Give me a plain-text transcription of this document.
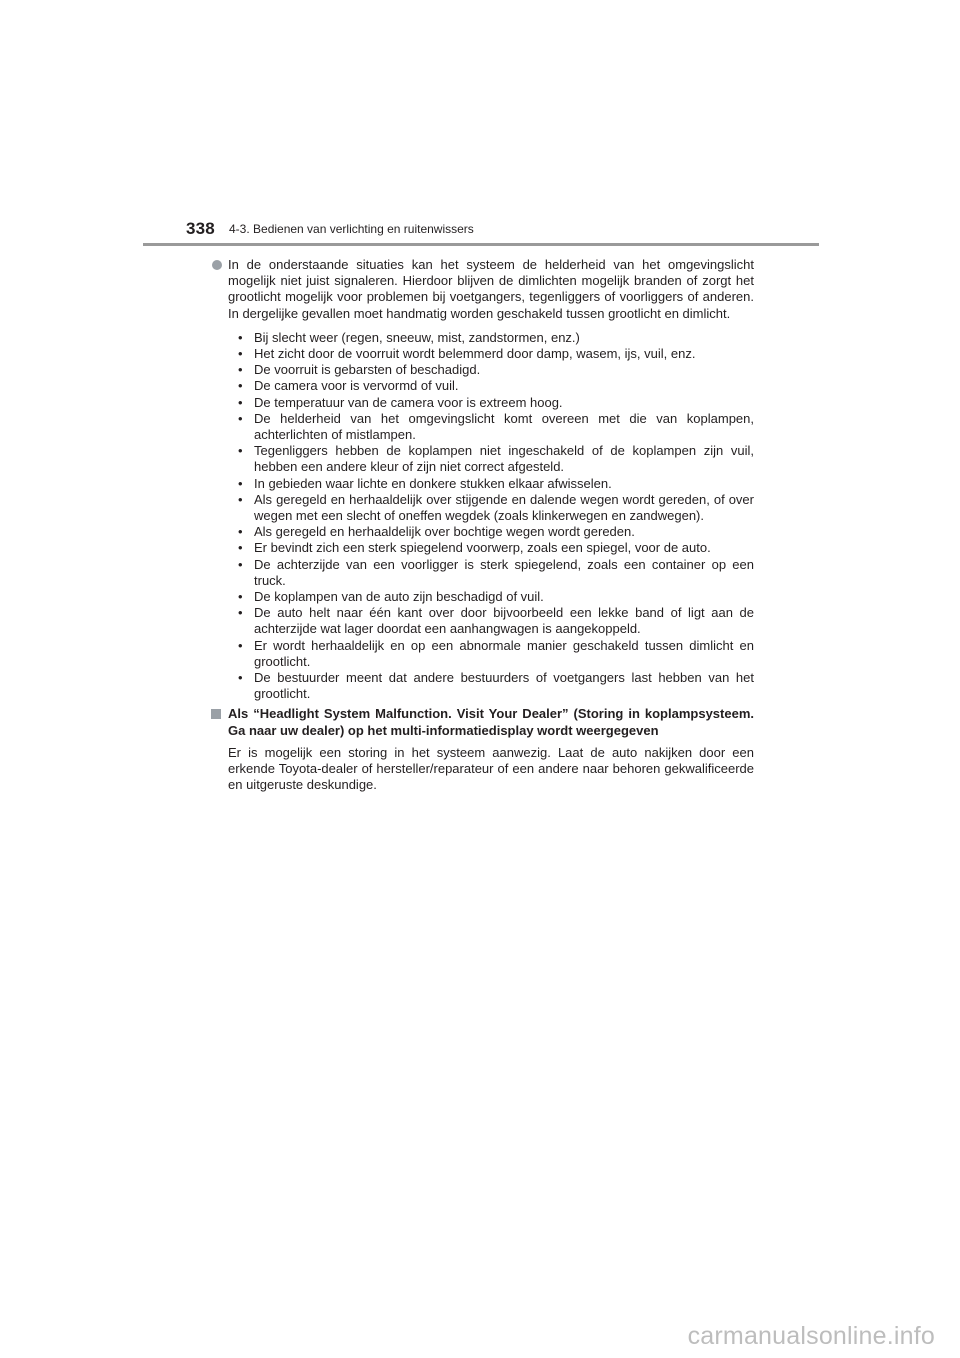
338 4-3. Bedienen van verlichting en ruitenwissers
In de onderstaande situaties kan het systeem de helderheid van het omgevingslicht mogelijk niet juist signaleren. Hierdoor blijven de dimlichten mogelijk branden of zorgt het grootlicht mogelijk voor problemen bij voetgangers, tegenliggers of voorliggers of anderen. In dergelijke gevallen moet handmatig worden geschakeld tussen grootlicht en dimlicht.
• Bij slecht weer (regen, sneeuw, mist, zandstormen, enz.)
• Het zicht door de voorruit wordt belemmerd door damp, wasem, ijs, vuil, enz.
• De voorruit is gebarsten of beschadigd.
• De camera voor is vervormd of vuil.
• De temperatuur van de camera voor is extreem hoog.
• De helderheid van het omgevingslicht komt overeen met die van koplampen, achterlichten of mistlampen.
• Tegenliggers hebben de koplampen niet ingeschakeld of de koplampen zijn vuil, hebben een andere kleur of zijn niet correct afgesteld.
• In gebieden waar lichte en donkere stukken elkaar afwisselen.
• Als geregeld en herhaaldelijk over stijgende en dalende wegen wordt gereden, of over wegen met een slecht of oneffen wegdek (zoals klinkerwegen en zandwegen).
• Als geregeld en herhaaldelijk over bochtige wegen wordt gereden.
• Er bevindt zich een sterk spiegelend voorwerp, zoals een spiegel, voor de auto.
• De achterzijde van een voorligger is sterk spiegelend, zoals een container op een truck.
• De koplampen van de auto zijn beschadigd of vuil.
• De auto helt naar één kant over door bijvoorbeeld een lekke band of ligt aan de achterzijde wat lager doordat een aanhangwagen is aangekoppeld.
• Er wordt herhaaldelijk en op een abnormale manier geschakeld tussen dimlicht en grootlicht.
• De bestuurder meent dat andere bestuurders of voetgangers last hebben van het grootlicht.
Als “Headlight System Malfunction. Visit Your Dealer” (Storing in koplampsysteem. Ga naar uw dealer) op het multi-informatiedisplay wordt weergegeven
Er is mogelijk een storing in het systeem aanwezig. Laat de auto nakijken door een erkende Toyota-dealer of hersteller/reparateur of een andere naar behoren gekwalificeerde en uitgeruste deskundige.
carmanualsonline.info
